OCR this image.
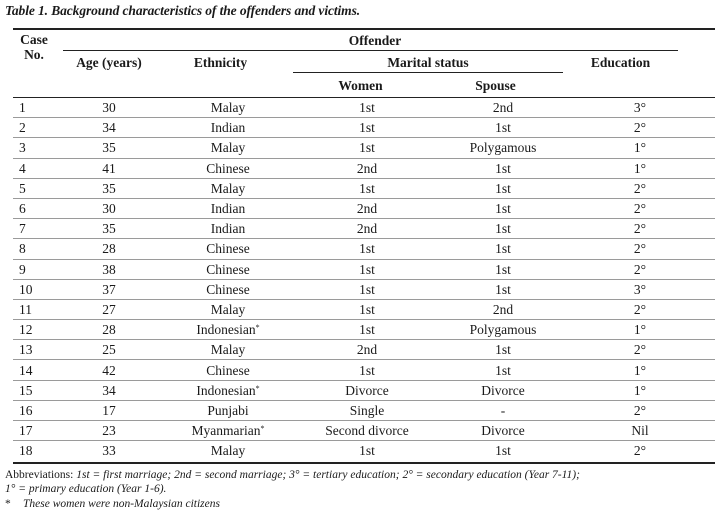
Table 1. Background characteristics of the offenders and victims.
Case
No.
Offender
Age (years)	Ethnicity	Marital status	Education
Women	Spouse
1	30	Malay	1st	2nd	3°
2	34	Indian	1st	1st	2°
3	35	Malay	1st	Polygamous	1°
4	41	Chinese	2nd	1st	1°
5	35	Malay	1st	1st	2°
6	30	Indian	2nd	1st	2°
7	35	Indian	2nd	1st	2°
8	28	Chinese	1st	1st	2°
9	38	Chinese	1st	1st	2°
10	37	Chinese	1st	1st	3°
11	27	Malay	1st	2nd	2°
12	28	Indonesian*	1st	Polygamous	1°
13	25	Malay	2nd	1st	2°
14	42	Chinese	1st	1st	1°
15	34	Indonesian*	Divorce	Divorce	1°
16	17	Punjabi	Single	-	2°
17	23	Myanmarian*	Second divorce	Divorce	Nil
18	33	Malay	1st	1st	2°
Abbreviations: 1st = first marriage; 2nd = second marriage; 3° = tertiary education; 2° = secondary education (Year 7-11);
1° = primary education (Year 1-6).
* These women were non-Malaysian citizens
